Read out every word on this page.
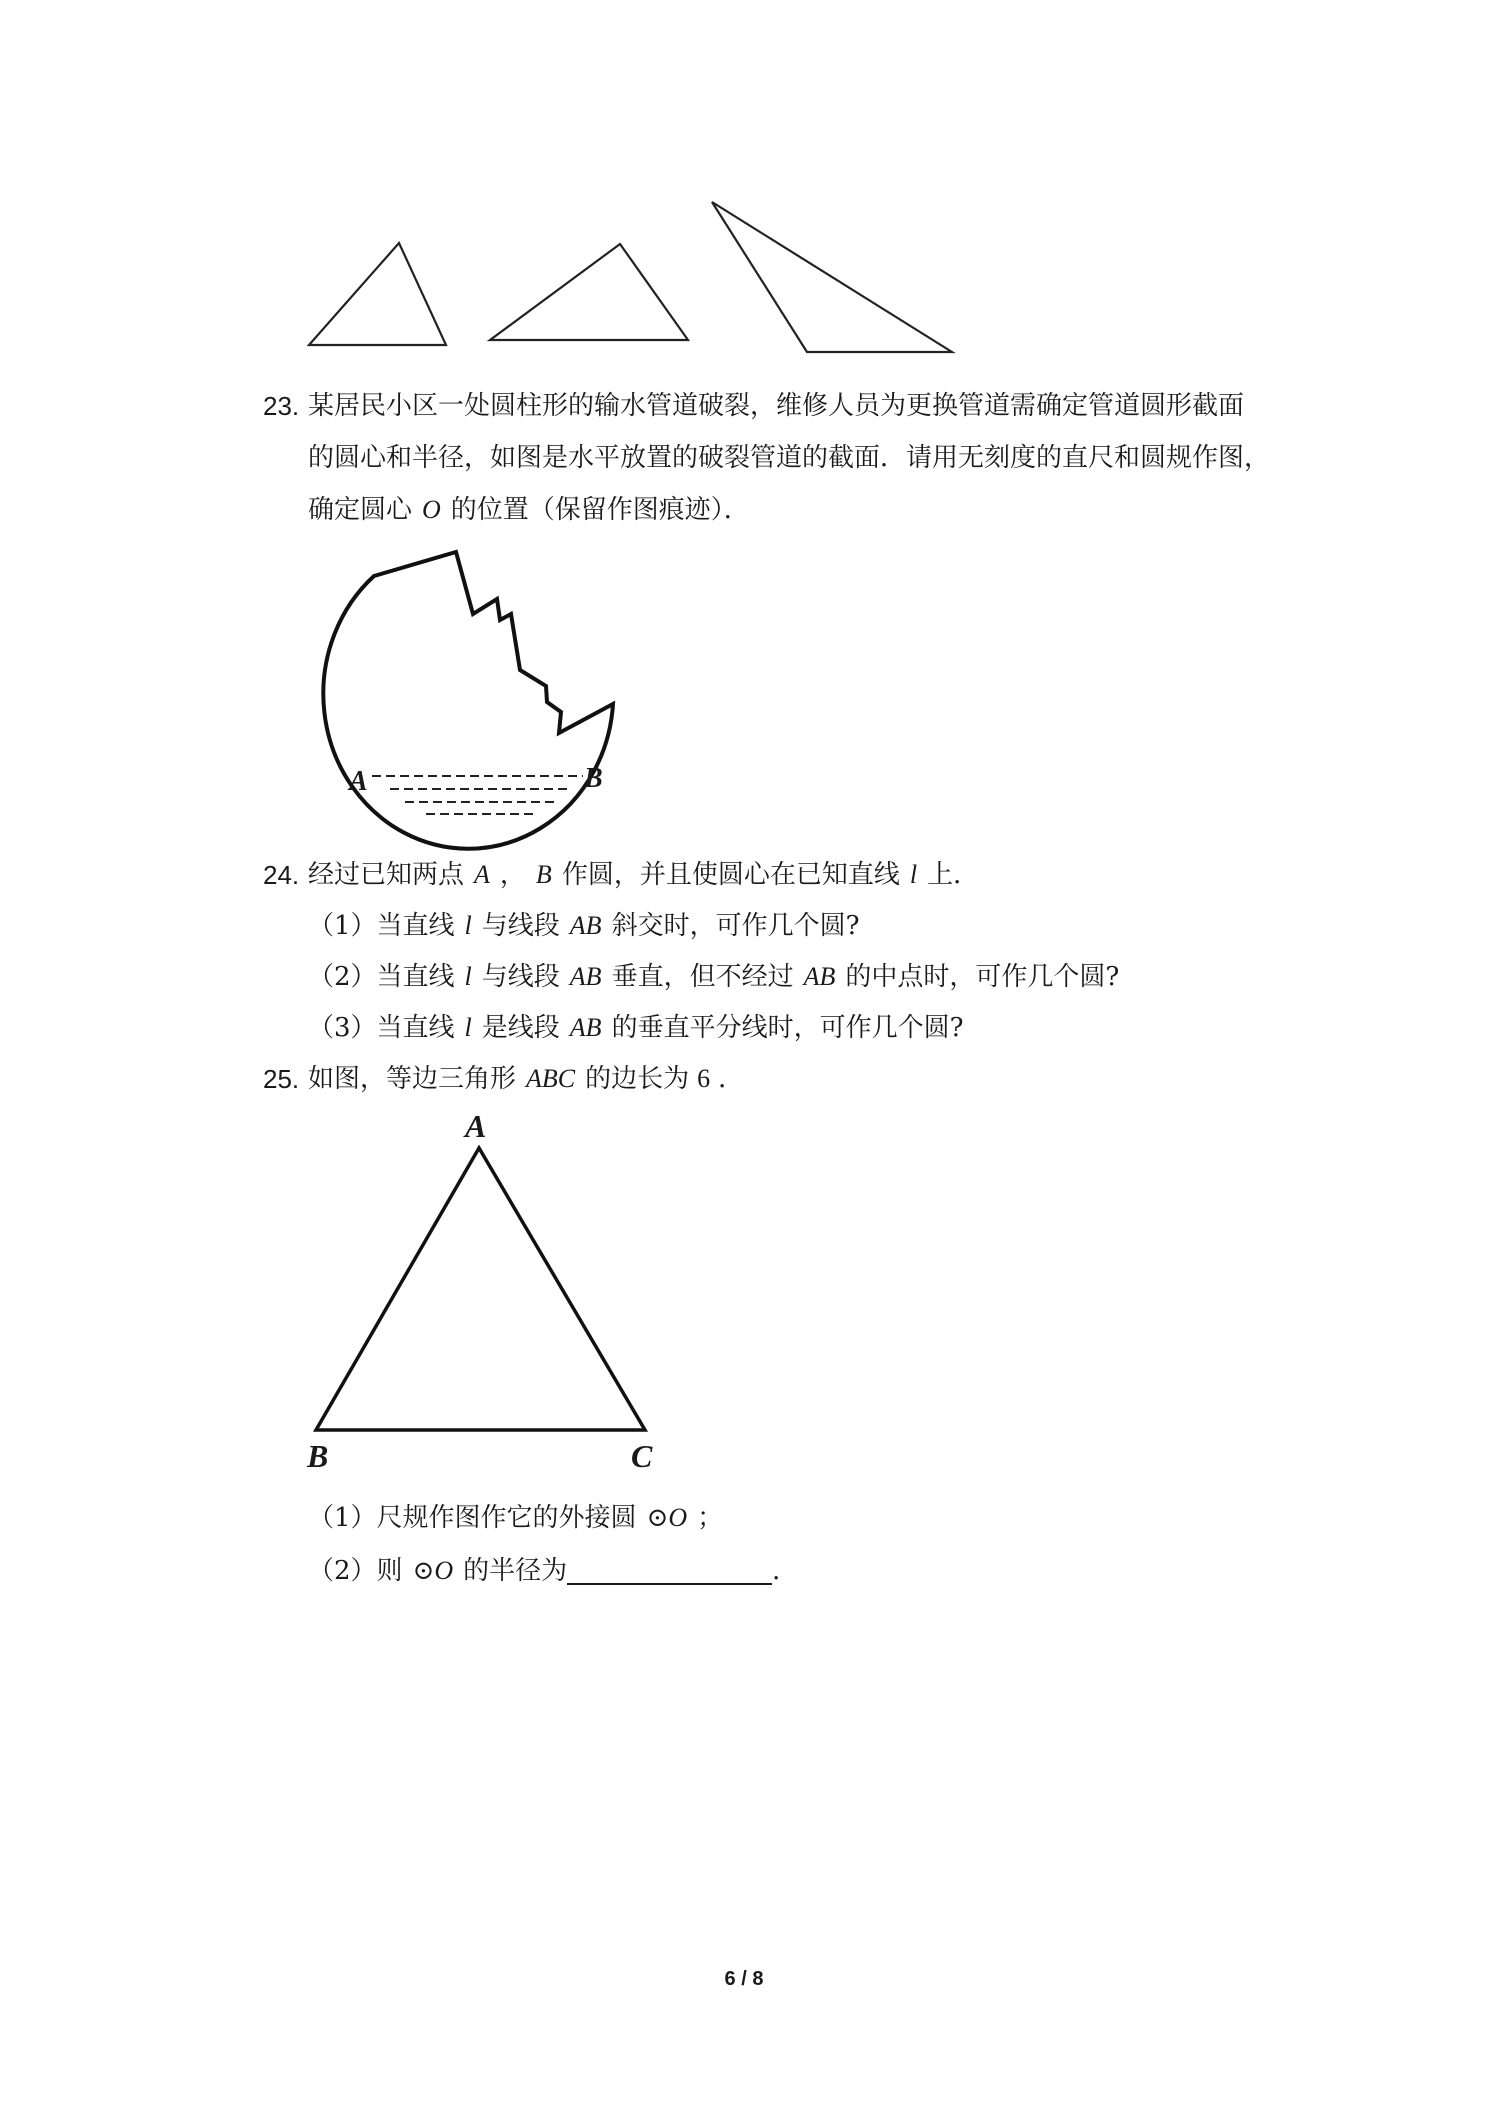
23. 某居民小区一处圆柱形的输水管道破裂，维修人员为更换管道需确定管道圆形截面
的圆心和半径，如图是水平放置的破裂管道的截面．请用无刻度的直尺和圆规作图，
确定圆心 O 的位置（保留作图痕迹）．
A	B
24. 经过已知两点 A ， B 作圆，并且使圆心在已知直线 l 上．
（1）当直线 l 与线段 AB 斜交时，可作几个圆?
（2）当直线 l 与线段 AB 垂直，但不经过 AB 的中点时，可作几个圆?
（3）当直线 l 是线段 AB 的垂直平分线时，可作几个圆?
25. 如图，等边三角形 ABC 的边长为 6 ．
A
B	C
（1）尺规作图作它的外接圆 ⊙O ；
（2）则 ⊙O 的半径为	．
6 / 8
